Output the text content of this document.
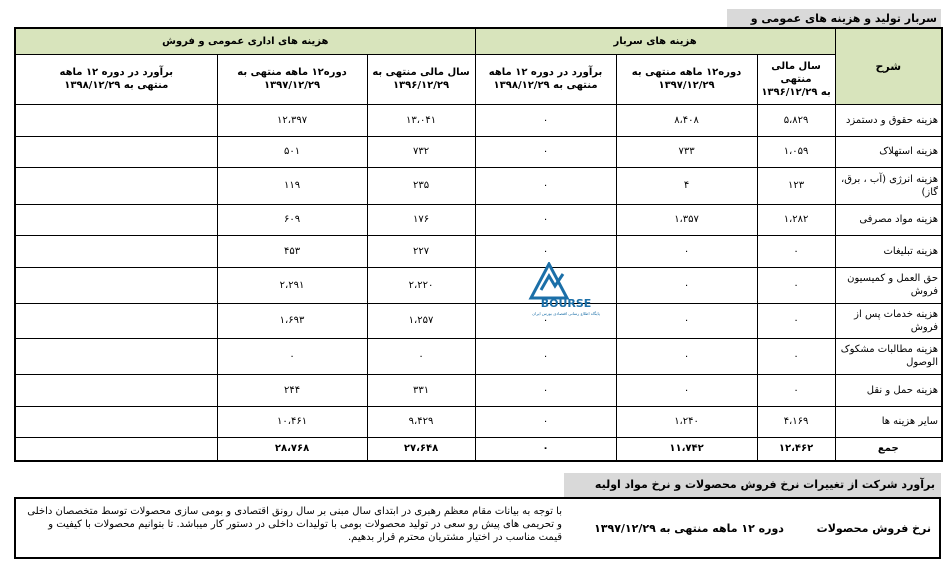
سربار تولید و هزینه های عمومی و
شرح	هزینه های سربار			هزینه های اداری عمومی و فروش		
	سال مالی منتهی
به ۱۳۹۶/۱۲/۲۹	دوره۱۲ ماهه منتهی به
۱۳۹۷/۱۲/۲۹	برآورد در دوره ۱۲ ماهه
منتهی به ۱۳۹۸/۱۲/۲۹	سال مالی منتهی به
۱۳۹۶/۱۲/۲۹	دوره۱۲ ماهه منتهی به
۱۳۹۷/۱۲/۲۹	برآورد در دوره ۱۲ ماهه
منتهی به ۱۳۹۸/۱۲/۲۹
هزینه حقوق و دستمزد	۵،۸۲۹	۸،۴۰۸	۰	۱۳،۰۴۱	۱۲،۳۹۷	
هزینه استهلاک	۱،۰۵۹	۷۳۳	۰	۷۳۲	۵۰۱	
هزینه انرژی (آب ، برق، گاز)	۱۲۳	۴	۰	۲۳۵	۱۱۹	
هزینه مواد مصرفی	۱،۲۸۲	۱،۳۵۷	۰	۱۷۶	۶۰۹	
هزینه تبلیغات	۰	۰	۰	۲۲۷	۴۵۳	
حق العمل و کمیسیون فروش	۰	۰		۲،۲۲۰	۲،۲۹۱	
هزینه خدمات پس از فروش	۰	۰	۰	۱،۲۵۷	۱،۶۹۳	
هزینه مطالبات مشکوک الوصول	۰	۰	۰	۰	۰	
هزینه حمل و نقل	۰	۰	۰	۳۳۱	۲۴۴	
سایر هزینه ها	۴،۱۶۹	۱،۲۴۰	۰	۹،۴۲۹	۱۰،۴۶۱	
جمع	۱۲،۴۶۲	۱۱،۷۴۲	۰	۲۷،۶۴۸	۲۸،۷۶۸	
BOURSE
پایگاه اطلاع رسانی اقتصادی بورس ایران
برآورد شرکت از تغییرات نرخ فروش محصولات و نرخ مواد اولیه
نرخ فروش محصولات
دوره ۱۲ ماهه منتهی به ۱۳۹۷/۱۲/۲۹
با توجه به بیانات مقام معظم رهبری در ابتدای سال مبنی بر سال رونق اقتصادی و بومی سازی محصولات توسط متخصصان داخلی و تحریمی های پیش رو سعی در تولید محصولات بومی با تولیدات داخلی در دستور کار میباشد. تا بتوانیم محصولات با کیفیت و قیمت مناسب در اختیار مشتریان محترم قرار بدهیم.
